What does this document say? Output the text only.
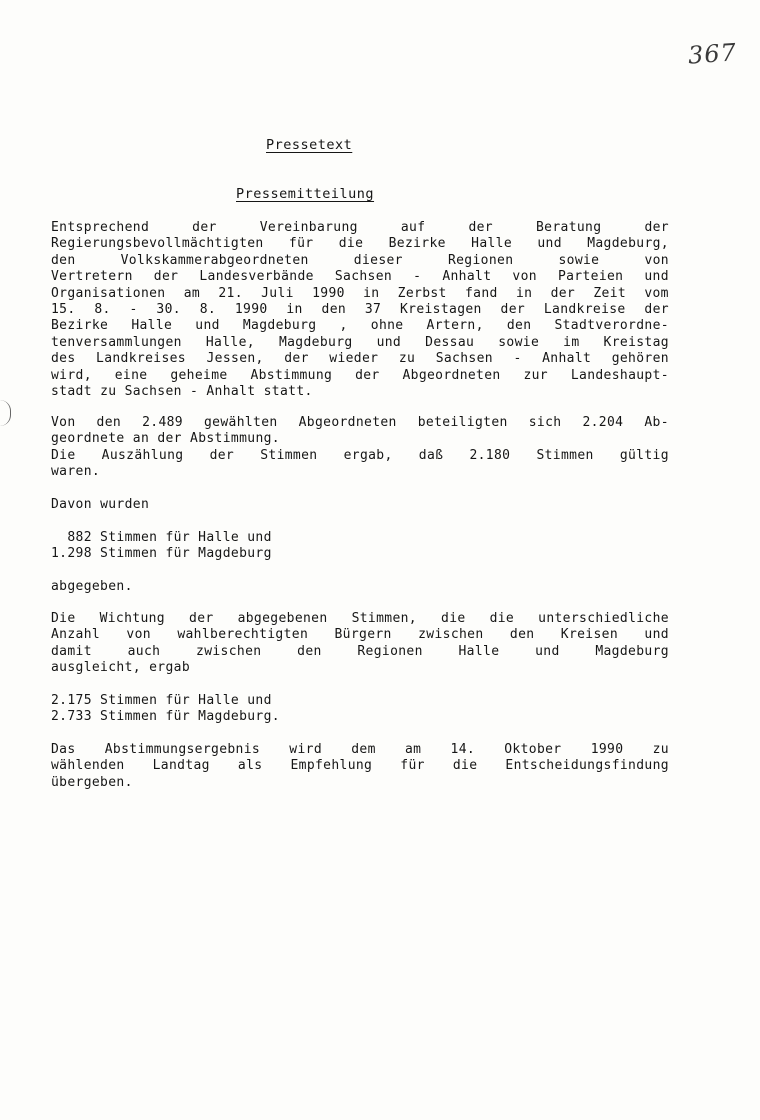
367
Pressetext
Pressemitteilung
Entsprechend	der	Vereinbarung	auf	der	Beratung	der
Regierungsbevollmächtigten für die Bezirke Halle und Magdeburg,
den	Volkskammerabgeordneten	dieser	Regionen	sowie	von
Vertretern der Landesverbände Sachsen - Anhalt von Parteien und
Organisationen am 21. Juli 1990 in Zerbst fand in der Zeit vom
15. 8. - 30. 8. 1990 in den 37 Kreistagen der Landkreise der
Bezirke Halle und Magdeburg , ohne Artern, den Stadtverordne-
tenversammlungen Halle, Magdeburg und Dessau sowie im Kreistag
des Landkreises Jessen, der wieder zu Sachsen - Anhalt gehören
wird, eine geheime Abstimmung der Abgeordneten zur Landeshaupt-
stadt zu Sachsen - Anhalt statt.
Von den 2.489 gewählten Abgeordneten beteiligten sich 2.204 Ab-
geordnete an der Abstimmung.
Die Auszählung der Stimmen ergab, daß 2.180 Stimmen gültig
waren.
Davon wurden
882 Stimmen für Halle und
1.298 Stimmen für Magdeburg
abgegeben.
Die Wichtung der abgegebenen Stimmen, die die unterschiedliche
Anzahl von wahlberechtigten Bürgern zwischen den Kreisen und
damit	auch	zwischen	den	Regionen	Halle	und	Magdeburg
ausgleicht, ergab
2.175 Stimmen für Halle und
2.733 Stimmen für Magdeburg.
Das Abstimmungsergebnis wird dem am 14. Oktober 1990 zu
wählenden Landtag als Empfehlung für die Entscheidungsfindung
übergeben.
